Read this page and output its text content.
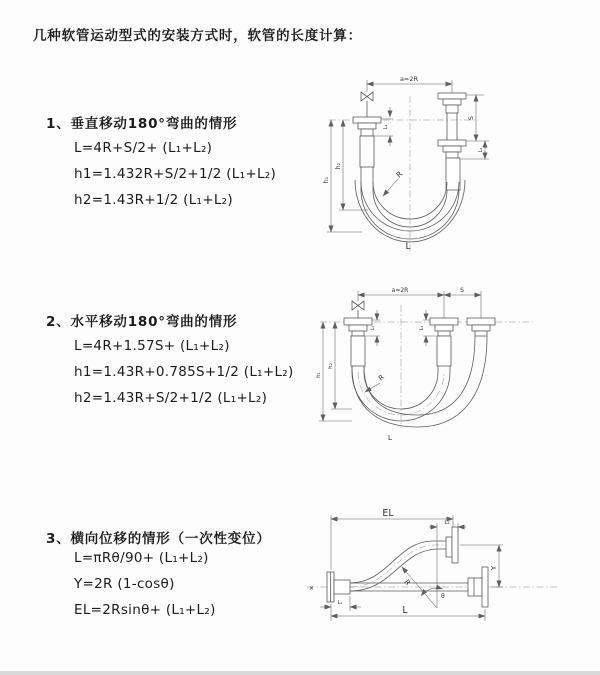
几种软管运动型式的安装方式时，软管的长度计算：
1、垂直移动180°弯曲的情形
L=4R+S/2+ (L₁+L₂)
h1=1.432R+S/2+1/2 (L₁+L₂)
h2=1.43R+1/2 (L₁+L₂)
2、水平移动180°弯曲的情形
L=4R+1.57S+ (L₁+L₂)
h1=1.43R+0.785S+1/2 (L₁+L₂)
h2=1.43R+S/2+1/2 (L₁+L₂)
3、横向位移的情形（一次性变位）
L=πRθ/90+ (L₁+L₂)
Y=2R (1-cosθ)
EL=2Rsinθ+ (L₁+L₂)
a=2R
L₁
S
L₂
h₁
h₂
R
L
a=2R	S
L₁	L₂
h₁
h₂
R
L
✕
EL
L₂
Y
L
L₁
R
θ
